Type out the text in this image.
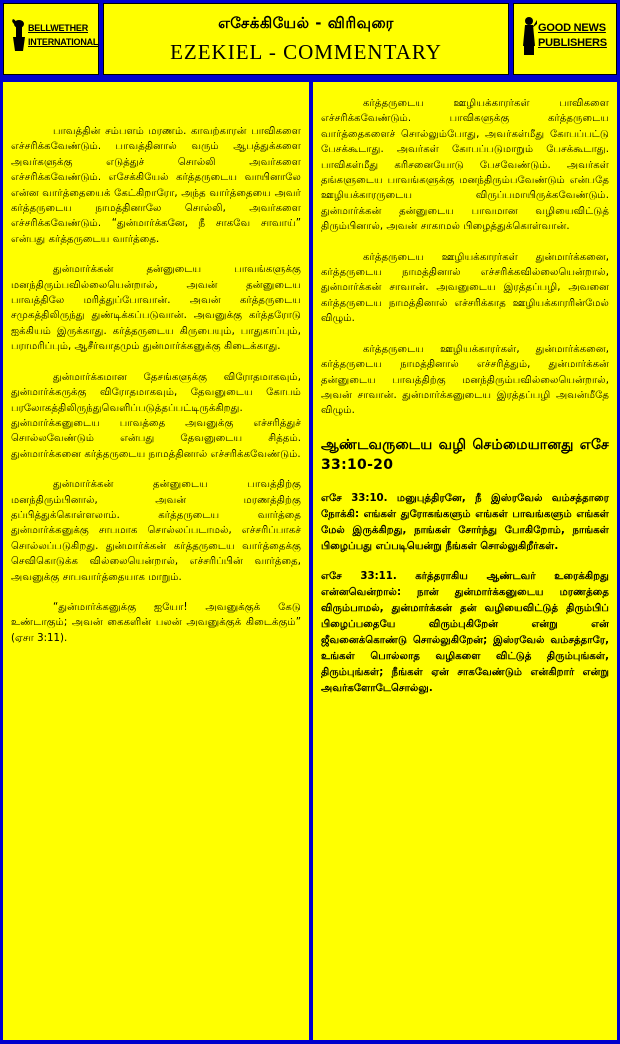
BELLWETHER
INTERNATIONAL
எசேக்கியேல் - விரிவுரை
EZEKIEL - COMMENTARY
GOOD NEWS
PUBLISHERS

பாவத்தின் சம்பளம் மரணம். காவற்காரன் பாவிகளை எச்சரிக்கவேண்டும். பாவத்தினால் வரும் ஆபத்துக்களை அவர்களுக்கு எடுத்துச் சொல்லி அவர்களை எச்சரிக்கவேண்டும். எசேக்கியேல் கர்த்தருடைய வாயினாலே என்ன வார்த்தையைக் கேட்கிறாரோ, அந்த வார்த்தையை அவர் கர்த்தருடைய நாமத்தினாலே சொல்லி, அவர்களை எச்சரிக்கவேண்டும். “துன்மார்க்கனே, நீ சாகவே சாவாய்” என்பது கர்த்தருடைய வார்த்தை.

துன்மார்க்கன் தன்னுடைய பாவங்களுக்கு மனந்திரும்பவில்லையென்றால், அவன் தன்னுடைய பாவத்திலே மரித்துப்போவான். அவன் கர்த்தருடைய சமுகத்திலிருந்து துண்டிக்கப்படுவான். அவனுக்கு கர்த்தரோடு ஐக்கியம் இருக்காது. கர்த்தருடைய கிருபையும், பாதுகாப்பும், பராமரிப்பும், ஆசீர்வாதமும் துன்மார்க்கனுக்கு கிடைக்காது.

துன்மார்க்கமான தேசங்களுக்கு விரோதமாகவும், துன்மார்க்கருக்கு விரோதமாகவும், தேவனுடைய கோபம் பரலோகத்திலிருந்துவெளிப்படுத்தப்பட்டிருக்கிறது. துன்மார்க்கனுடைய பாவத்தை அவனுக்கு எச்சரித்துச் சொல்லவேண்டும் என்பது தேவனுடைய சித்தம். துன்மார்க்கனை கர்த்தருடைய நாமத்தினால் எச்சரிக்கவேண்டும்.

துன்மார்க்கன் தன்னுடைய பாவத்திற்கு மனந்திரும்பினால், அவன் மரணத்திற்கு தப்பித்துக்கொள்ளலாம். கர்த்தருடைய வார்த்தை துன்மார்க்கனுக்கு சாபமாக சொல்லப்படாமல், எச்சரிப்பாகச் சொல்லப்படுகிறது. துன்மார்க்கன் கர்த்தருடைய வார்த்தைக்கு செவிகொடுக்க வில்லையென்றால், எச்சரிப்பின் வார்த்தை, அவனுக்கு சாபவார்த்தையாக மாறும்.

“துன்மார்க்கனுக்கு ஐயோ! அவனுக்குக் கேடு உண்டாகும்; அவன் கைகளின் பலன் அவனுக்குக் கிடைக்கும்” (ஏசா 3:11).

கர்த்தருடைய ஊழியக்காரர்கள் பாவிகளை எச்சரிக்கவேண்டும். பாவிகளுக்கு கர்த்தருடைய வார்த்தைகளைச் சொல்லும்போது, அவர்கள்மீது கோபப்பட்டு பேசக்கூடாது. அவர்கள் கோபப்படுமாறும் பேசக்கூடாது. பாவிகள்மீது கரிசனையோடு பேசவேண்டும். அவர்கள் தங்களுடைய பாவங்களுக்கு மனந்திரும்பவேண்டும் என்பதே ஊழியக்காரருடைய விருப்பமாயிருக்கவேண்டும். துன்மார்க்கன் தன்னுடைய பாவமான வழியைவிட்டுத் திரும்பினால், அவன் சாகாமல் பிழைத்துக்கொள்வான்.

கர்த்தருடைய ஊழியக்காரர்கள் துன்மார்க்கனை, கர்த்தருடைய நாமத்தினால் எச்சரிக்கவில்லையென்றால், துன்மார்க்கன் சாவான். அவனுடைய இரத்தப்பழி, அவனை கர்த்தருடைய நாமத்தினால் எச்சரிக்காத ஊழியக்காரரின்மேல் விழும்.

கர்த்தருடைய ஊழியக்காரர்கள், துன்மார்க்கனை, கர்த்தருடைய நாமத்தினால் எச்சரித்தும், துன்மார்க்கன் தன்னுடைய பாவத்திற்கு மனந்திரும்பவில்லையென்றால், அவன் சாவான். துன்மார்க்கனுடைய இரத்தப்பழி அவன்மீதே விழும்.

ஆண்டவருடைய வழி செம்மையானது எசே 33:10-20

எசே 33:10. மனுபுத்திரனே, நீ இஸ்ரவேல் வம்சத்தாரை நோக்கி: எங்கள் துரோகங்களும் எங்கள் பாவங்களும் எங்கள் மேல் இருக்கிறது, நாங்கள் சோர்ந்து போகிறோம், நாங்கள் பிழைப்பது எப்படியென்று நீங்கள் சொல்லுகிறீர்கள்.

எசே 33:11. கர்த்தராகிய ஆண்டவர் உரைக்கிறது என்னவென்றால்: நான் துன்மார்க்கனுடைய மரணத்தை விரும்பாமல், துன்மார்க்கன் தன் வழியைவிட்டுத் திரும்பிப் பிழைப்பதையே விரும்புகிறேன் என்று என் ஜீவனைக்கொண்டு சொல்லுகிறேன்; இஸ்ரவேல் வம்சத்தாரே, உங்கள் பொல்லாத வழிகளை விட்டுத் திரும்புங்கள், திரும்புங்கள்; நீங்கள் ஏன் சாகவேண்டும் என்கிறார் என்று அவர்களோடேசொல்லு.
